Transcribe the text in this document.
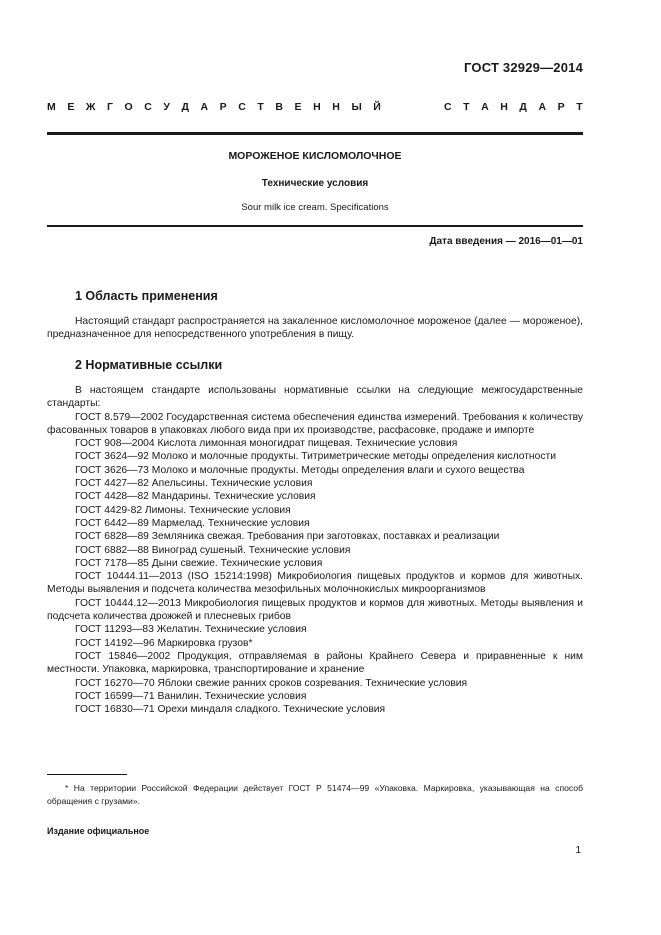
ГОСТ 32929—2014
М Е Ж Г О С У Д А Р С Т В Е Н Н Ы Й	С Т А Н Д А Р Т
МОРОЖЕНОЕ КИСЛОМОЛОЧНОЕ
Технические условия
Sour milk ice cream. Specifications
Дата введения — 2016—01—01
1 Область применения

Настоящий стандарт распространяется на закаленное кисломолочное мороженое (далее — мороженое), предназначенное для непосредственного употребления в пищу.

2 Нормативные ссылки

В настоящем стандарте использованы нормативные ссылки на следующие межгосударственные стандарты:

ГОСТ 8.579—2002 Государственная система обеспечения единства измерений. Требования к количеству фасованных товаров в упаковках любого вида при их производстве, расфасовке, продаже и импорте

ГОСТ 908—2004 Кислота лимонная моногидрат пищевая. Технические условия

ГОСТ 3624—92 Молоко и молочные продукты. Титриметрические методы определения кислотности

ГОСТ 3626—73 Молоко и молочные продукты. Методы определения влаги и сухого вещества

ГОСТ 4427—82 Апельсины. Технические условия

ГОСТ 4428—82 Мандарины. Технические условия

ГОСТ 4429-82 Лимоны. Технические условия

ГОСТ 6442—89 Мармелад. Технические условия

ГОСТ 6828—89 Земляника свежая. Требования при заготовках, поставках и реализации

ГОСТ 6882—88 Виноград сушеный. Технические условия

ГОСТ 7178—85 Дыни свежие. Технические условия

ГОСТ 10444.11—2013 (ISO 15214:1998) Микробиология пищевых продуктов и кормов для животных. Методы выявления и подсчета количества мезофильных молочнокислых микроорганизмов

ГОСТ 10444.12—2013 Микробиология пищевых продуктов и кормов для животных. Методы выявления и подсчета количества дрожжей и плесневых грибов

ГОСТ 11293—83 Желатин. Технические условия

ГОСТ 14192—96 Маркировка грузов*

ГОСТ 15846—2002 Продукция, отправляемая в районы Крайнего Севера и приравненные к ним местности. Упаковка, маркировка, транспортирование и хранение

ГОСТ 16270—70 Яблоки свежие ранних сроков созревания. Технические условия

ГОСТ 16599—71 Ванилин. Технические условия

ГОСТ 16830—71 Орехи миндаля сладкого. Технические условия

* На территории Российской Федерации действует ГОСТ Р 51474—99 «Упаковка. Маркировка, указывающая на способ обращения с грузами».

Издание официальное
1
